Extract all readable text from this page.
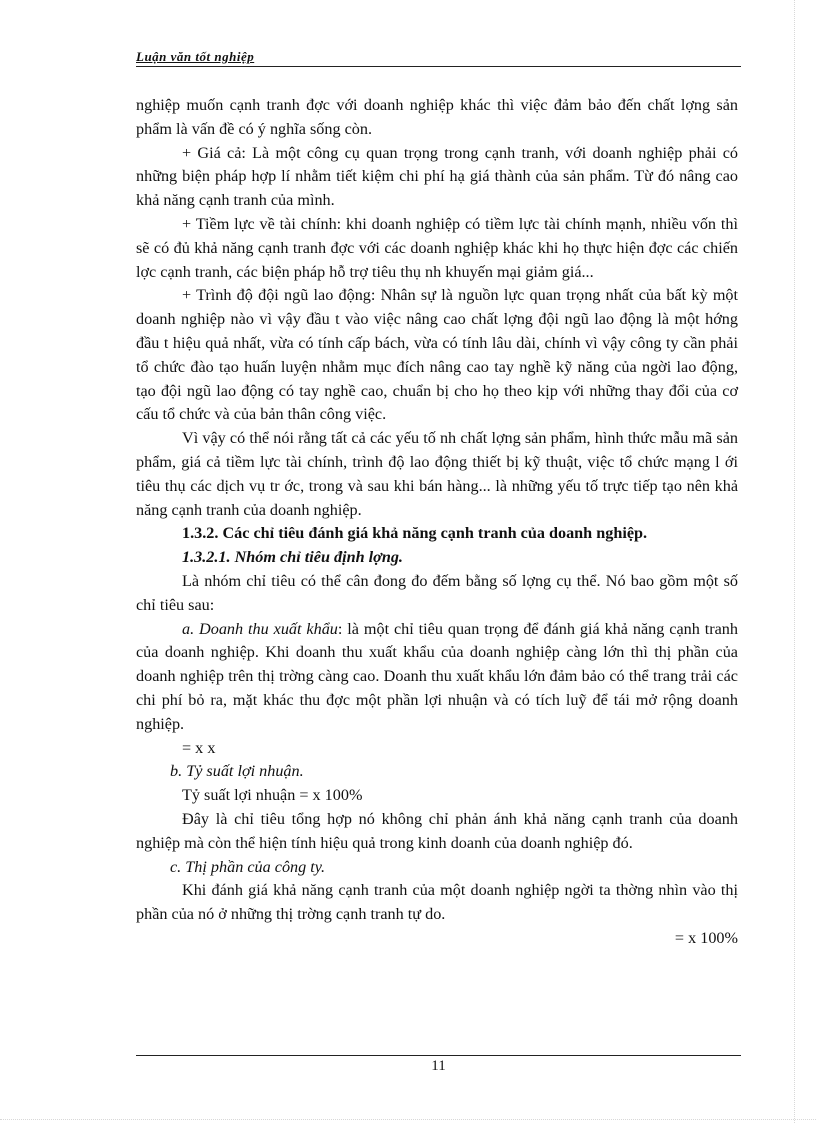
Luận văn tốt nghiệp

nghiệp muốn cạnh tranh đợc với doanh nghiệp khác thì việc đảm bảo đến chất lợng sản phẩm là vấn đề có ý nghĩa sống còn.

+ Giá cả: Là một công cụ quan trọng trong cạnh tranh, với doanh nghiệp phải có những biện pháp hợp lí nhằm tiết kiệm chi phí hạ giá thành của sản phẩm. Từ đó nâng cao khả năng cạnh tranh của mình.

+ Tiềm lực về tài chính: khi doanh nghiệp có tiềm lực tài chính mạnh, nhiều vốn thì sẽ có đủ khả năng cạnh tranh đợc với các doanh nghiệp khác khi họ thực hiện đợc các chiến lợc cạnh tranh, các biện pháp hỗ trợ tiêu thụ nh khuyến mại giảm giá...

+ Trình độ đội ngũ lao động: Nhân sự là nguồn lực quan trọng nhất của bất kỳ một doanh nghiệp nào vì vậy đầu t vào việc nâng cao chất lợng đội ngũ lao động là một hớng đầu t hiệu quả nhất, vừa có tính cấp bách, vừa có tính lâu dài, chính vì vậy công ty cần phải tổ chức đào tạo huấn luyện nhằm mục đích nâng cao tay nghề kỹ năng của ngời lao động, tạo đội ngũ lao động có tay nghề cao, chuẩn bị cho họ theo kịp với những thay đổi của cơ cấu tổ chức và của bản thân công việc.

Vì vậy có thể nói rằng tất cả các yếu tố nh chất lợng sản phẩm, hình thức mẫu mã sản phẩm, giá cả tiềm lực tài chính, trình độ lao động thiết bị kỹ thuật, việc tổ chức mạng l ới tiêu thụ các dịch vụ tr ớc, trong và sau khi bán hàng... là những yếu tố trực tiếp tạo nên khả năng cạnh tranh của doanh nghiệp.

1.3.2. Các chỉ tiêu đánh giá khả năng cạnh tranh của doanh nghiệp.

1.3.2.1. Nhóm chỉ tiêu định lợng.

Là nhóm chỉ tiêu có thể cân đong đo đếm bằng số lợng cụ thể. Nó bao gồm một số chỉ tiêu sau:

a. Doanh thu xuất khẩu: là một chỉ tiêu quan trọng để đánh giá khả năng cạnh tranh của doanh nghiệp. Khi doanh thu xuất khẩu của doanh nghiệp càng lớn thì thị phần của doanh nghiệp trên thị trờng càng cao. Doanh thu xuất khẩu lớn đảm bảo có thể trang trải các chi phí bỏ ra, mặt khác thu đợc một phần lợi nhuận và có tích luỹ để tái mở rộng doanh nghiệp.

= x x

b. Tỷ suất lợi nhuận.

Tỷ suất lợi nhuận = x 100%

Đây là chỉ tiêu tổng hợp nó không chỉ phản ánh khả năng cạnh tranh của doanh nghiệp mà còn thể hiện tính hiệu quả trong kinh doanh của doanh nghiệp đó.

c. Thị phần của công ty.

Khi đánh giá khả năng cạnh tranh của một doanh nghiệp ngời ta thờng nhìn vào thị phần của nó ở những thị trờng cạnh tranh tự do.

= x 100%

11
